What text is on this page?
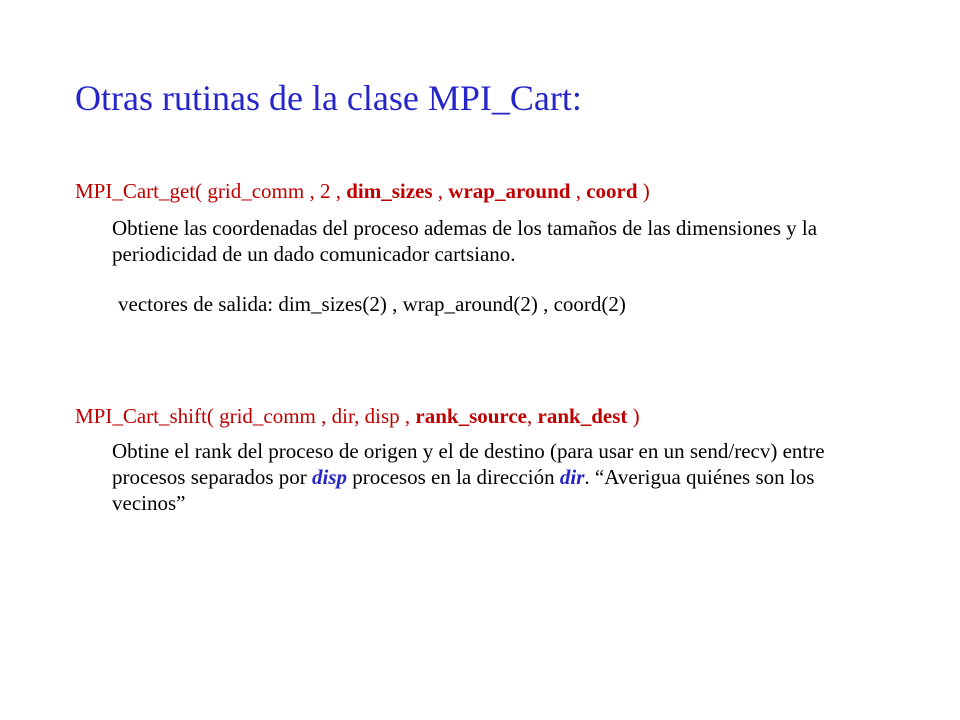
Otras rutinas de la clase MPI_Cart:
MPI_Cart_get( grid_comm , 2 , dim_sizes , wrap_around , coord )
Obtiene las coordenadas del proceso ademas de los tamaños de las dimensiones y la periodicidad de un dado comunicador cartsiano.
vectores de salida: dim_sizes(2) , wrap_around(2) , coord(2)
MPI_Cart_shift( grid_comm , dir, disp , rank_source, rank_dest )
Obtine el rank del proceso de origen y el de destino (para usar en un send/recv) entre procesos separados por disp procesos en la dirección dir. “Averigua quiénes son los vecinos”
